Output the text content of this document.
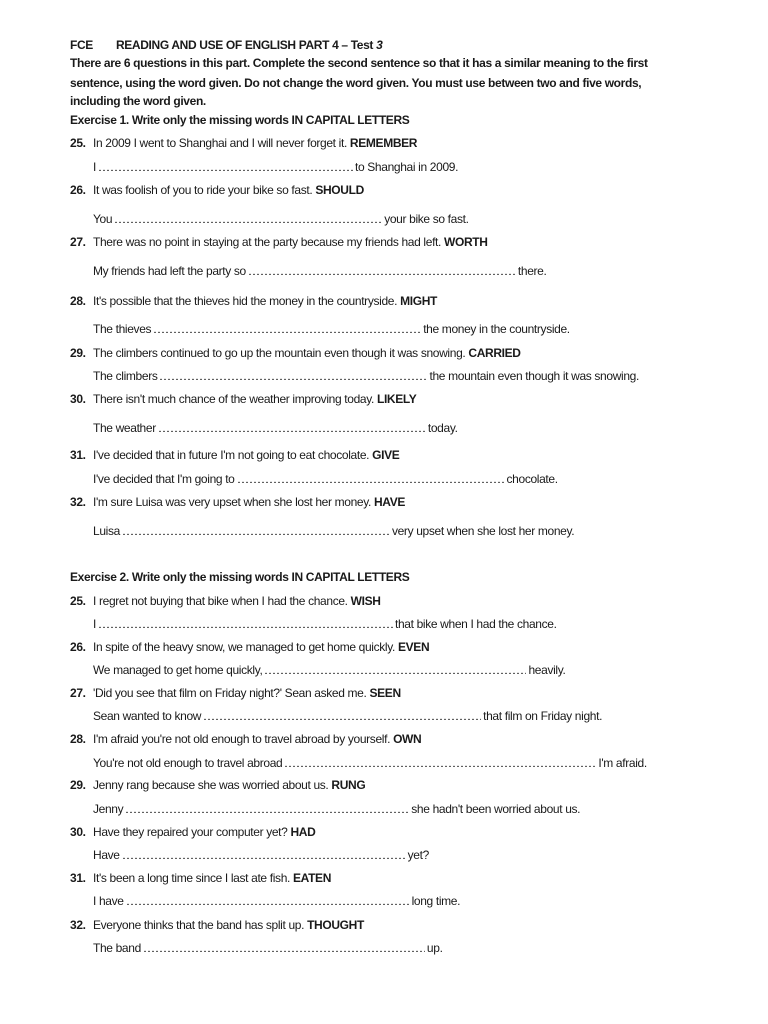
FCE READING AND USE OF ENGLISH PART 4 – Test 3
There are 6 questions in this part. Complete the second sentence so that it has a similar meaning to the first
sentence, using the word given. Do not change the word given. You must use between two and five words,
including the word given.
Exercise 1. Write only the missing words IN CAPITAL LETTERS
25. In 2009 I went to Shanghai and I will never forget it. REMEMBER
I	to Shanghai in 2009.
26. It was foolish of you to ride your bike so fast. SHOULD
You	your bike so fast.
27. There was no point in staying at the party because my friends had left. WORTH
My friends had left the party so	there.
28. It's possible that the thieves hid the money in the countryside. MIGHT
The thieves	the money in the countryside.
29. The climbers continued to go up the mountain even though it was snowing. CARRIED
The climbers	the mountain even though it was snowing.
30. There isn't much chance of the weather improving today. LIKELY
The weather	today.
31. I've decided that in future I'm not going to eat chocolate. GIVE
I've decided that I'm going to	chocolate.
32. I'm sure Luisa was very upset when she lost her money. HAVE
Luisa	very upset when she lost her money.
Exercise 2. Write only the missing words IN CAPITAL LETTERS
25. I regret not buying that bike when I had the chance. WISH
I	that bike when I had the chance.
26. In spite of the heavy snow, we managed to get home quickly. EVEN
We managed to get home quickly,	heavily.
27. 'Did you see that film on Friday night?' Sean asked me. SEEN
Sean wanted to know	that film on Friday night.
28. I'm afraid you're not old enough to travel abroad by yourself. OWN
You're not old enough to travel abroad	I'm afraid.
29. Jenny rang because she was worried about us. RUNG
Jenny	she hadn't been worried about us.
30. Have they repaired your computer yet? HAD
Have	yet?
31. It's been a long time since I last ate fish. EATEN
I have	long time.
32. Everyone thinks that the band has split up. THOUGHT
The band	up.
